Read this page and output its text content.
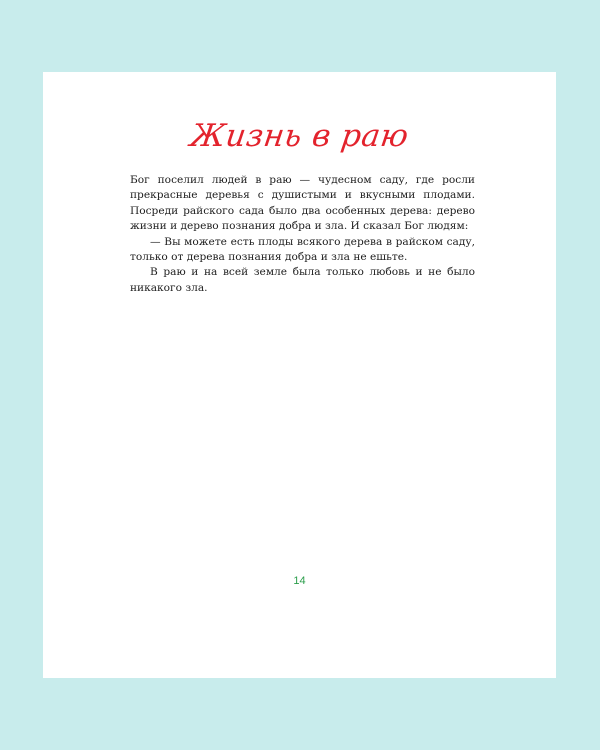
Жизнь в раю

Бог поселил людей в раю — чудесном саду, где росли прекрасные деревья с душистыми и вкусными плодами. Посреди райского сада было два особенных дерева: дерево жизни и дерево познания добра и зла. И сказал Бог людям:

— Вы можете есть плоды всякого дерева в райском саду, только от дерева познания добра и зла не ешьте.

В раю и на всей земле была только любовь и не было никакого зла.

14
